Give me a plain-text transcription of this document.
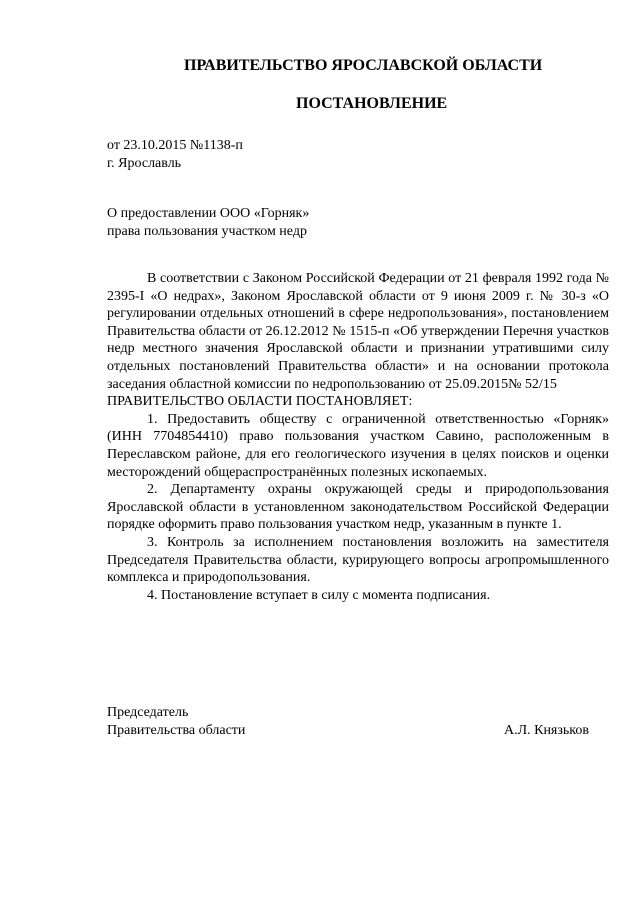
ПРАВИТЕЛЬСТВО ЯРОСЛАВСКОЙ ОБЛАСТИ
ПОСТАНОВЛЕНИЕ
от 23.10.2015 №1138-п
г. Ярославль
О предоставлении ООО «Горняк»
права пользования участком недр

В соответствии с Законом Российской Федерации от 21 февраля 1992 года № 2395-I «О недрах», Законом Ярославской области от 9 июня 2009 г. № 30-з «О регулировании отдельных отношений в сфере недропользования», постановлением Правительства области от 26.12.2012 № 1515-п «Об утверждении Перечня участков недр местного значения Ярославской области и признании утратившими силу отдельных постановлений Правительства области» и на основании протокола заседания областной комиссии по недропользованию от 25.09.2015№ 52/15

ПРАВИТЕЛЬСТВО ОБЛАСТИ ПОСТАНОВЛЯЕТ:

1. Предоставить обществу с ограниченной ответственностью «Горняк» (ИНН 7704854410) право пользования участком Савино, расположенным в Переславском районе, для его геологического изучения в целях поисков и оценки месторождений общераспространённых полезных ископаемых.

2. Департаменту охраны окружающей среды и природопользования Ярославской области в установленном законодательством Российской Федерации порядке оформить право пользования участком недр, указанным в пункте 1.

3. Контроль за исполнением постановления возложить на заместителя Председателя Правительства области, курирующего вопросы агропромышленного комплекса и природопользования.

4. Постановление вступает в силу с момента подписания.

Председатель
Правительства области	А.Л. Князьков
